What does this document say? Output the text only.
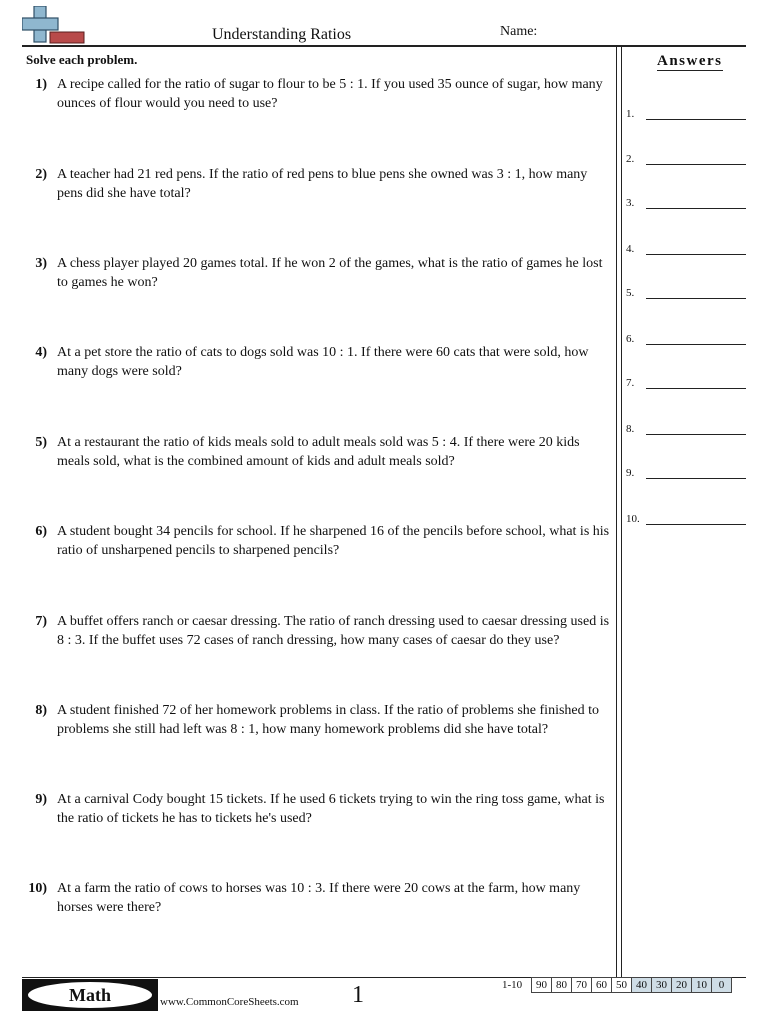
Understanding Ratios	Name:
Solve each problem.
1) A recipe called for the ratio of sugar to flour to be 5 : 1. If you used 35 ounce of sugar, how many ounces of flour would you need to use?
2) A teacher had 21 red pens. If the ratio of red pens to blue pens she owned was 3 : 1, how many pens did she have total?
3) A chess player played 20 games total. If he won 2 of the games, what is the ratio of games he lost to games he won?
4) At a pet store the ratio of cats to dogs sold was 10 : 1. If there were 60 cats that were sold, how many dogs were sold?
5) At a restaurant the ratio of kids meals sold to adult meals sold was 5 : 4. If there were 20 kids meals sold, what is the combined amount of kids and adult meals sold?
6) A student bought 34 pencils for school. If he sharpened 16 of the pencils before school, what is his ratio of unsharpened pencils to sharpened pencils?
7) A buffet offers ranch or caesar dressing. The ratio of ranch dressing used to caesar dressing used is 8 : 3. If the buffet uses 72 cases of ranch dressing, how many cases of caesar do they use?
8) A student finished 72 of her homework problems in class. If the ratio of problems she finished to problems she still had left was 8 : 1, how many homework problems did she have total?
9) At a carnival Cody bought 15 tickets. If he used 6 tickets trying to win the ring toss game, what is the ratio of tickets he has to tickets he's used?
10) At a farm the ratio of cows to horses was 10 : 3. If there were 20 cows at the farm, how many horses were there?
Answers
1.
2.
3.
4.
5.
6.
7.
8.
9.
10.
Math	www.CommonCoreSheets.com 1	1-10	90 80 70 60 50 40 30 20 10	0
